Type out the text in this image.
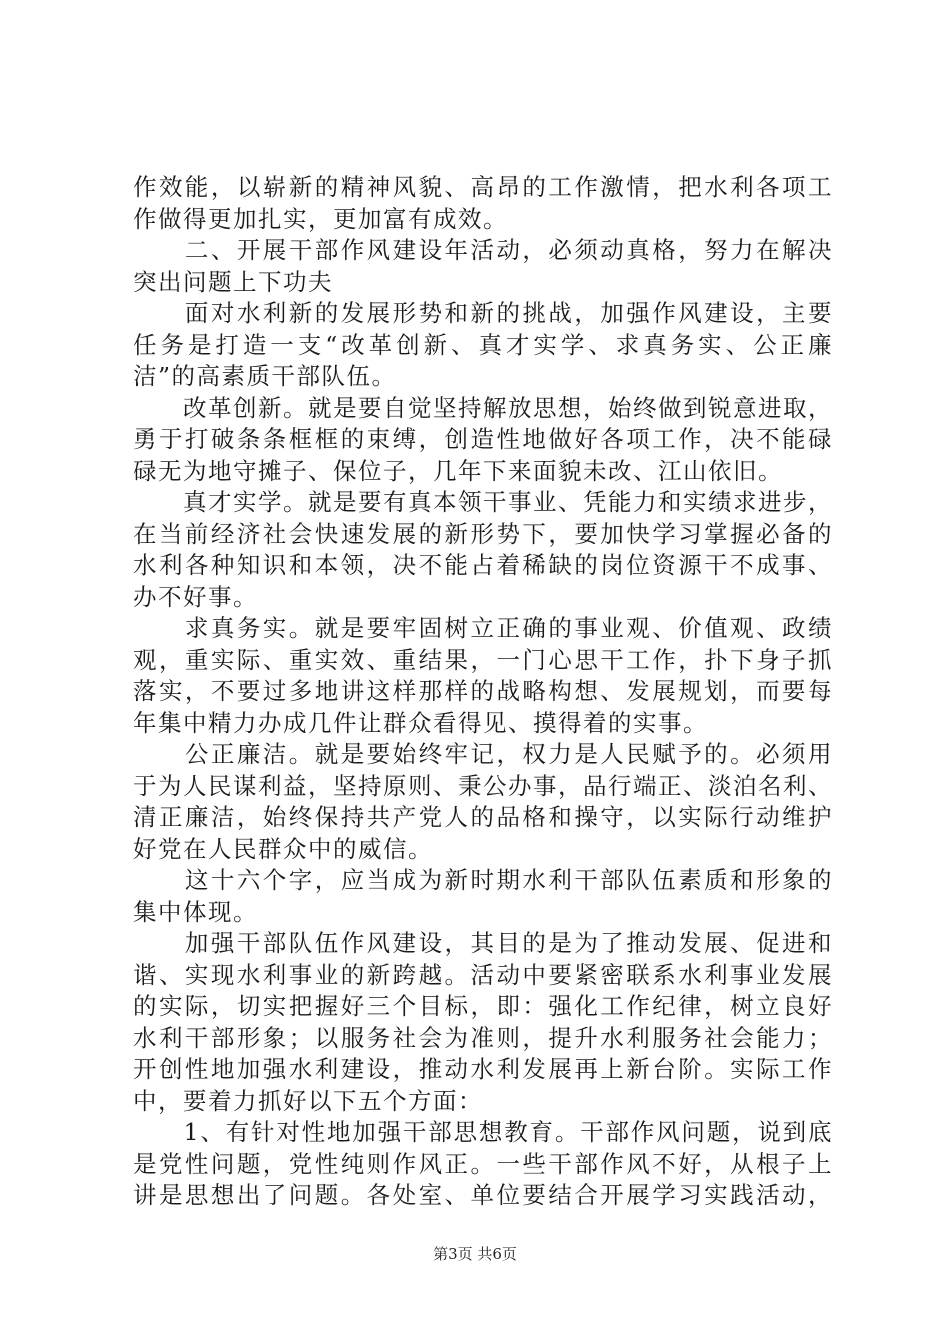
作效能，以崭新的精神风貌、高昂的工作激情，把水利各项工
作做得更加扎实，更加富有成效。
　　二、开展干部作风建设年活动，必须动真格，努力在解决
突出问题上下功夫
　　面对水利新的发展形势和新的挑战，加强作风建设，主要
任务是打造一支“改革创新、真才实学、求真务实、公正廉
洁”的高素质干部队伍。
　　改革创新。就是要自觉坚持解放思想，始终做到锐意进取，
勇于打破条条框框的束缚，创造性地做好各项工作，决不能碌
碌无为地守摊子、保位子，几年下来面貌未改、江山依旧。
　　真才实学。就是要有真本领干事业、凭能力和实绩求进步，
在当前经济社会快速发展的新形势下，要加快学习掌握必备的
水利各种知识和本领，决不能占着稀缺的岗位资源干不成事、
办不好事。
　　求真务实。就是要牢固树立正确的事业观、价值观、政绩
观，重实际、重实效、重结果，一门心思干工作，扑下身子抓
落实，不要过多地讲这样那样的战略构想、发展规划，而要每
年集中精力办成几件让群众看得见、摸得着的实事。
　　公正廉洁。就是要始终牢记，权力是人民赋予的。必须用
于为人民谋利益，坚持原则、秉公办事，品行端正、淡泊名利、
清正廉洁，始终保持共产党人的品格和操守，以实际行动维护
好党在人民群众中的威信。
　　这十六个字，应当成为新时期水利干部队伍素质和形象的
集中体现。
　　加强干部队伍作风建设，其目的是为了推动发展、促进和
谐、实现水利事业的新跨越。活动中要紧密联系水利事业发展
的实际，切实把握好三个目标，即：强化工作纪律，树立良好
水利干部形象；以服务社会为准则，提升水利服务社会能力；
开创性地加强水利建设，推动水利发展再上新台阶。实际工作
中，要着力抓好以下五个方面：
　　1、有针对性地加强干部思想教育。干部作风问题，说到底
是党性问题，党性纯则作风正。一些干部作风不好，从根子上
讲是思想出了问题。各处室、单位要结合开展学习实践活动，
第3页 共6页
